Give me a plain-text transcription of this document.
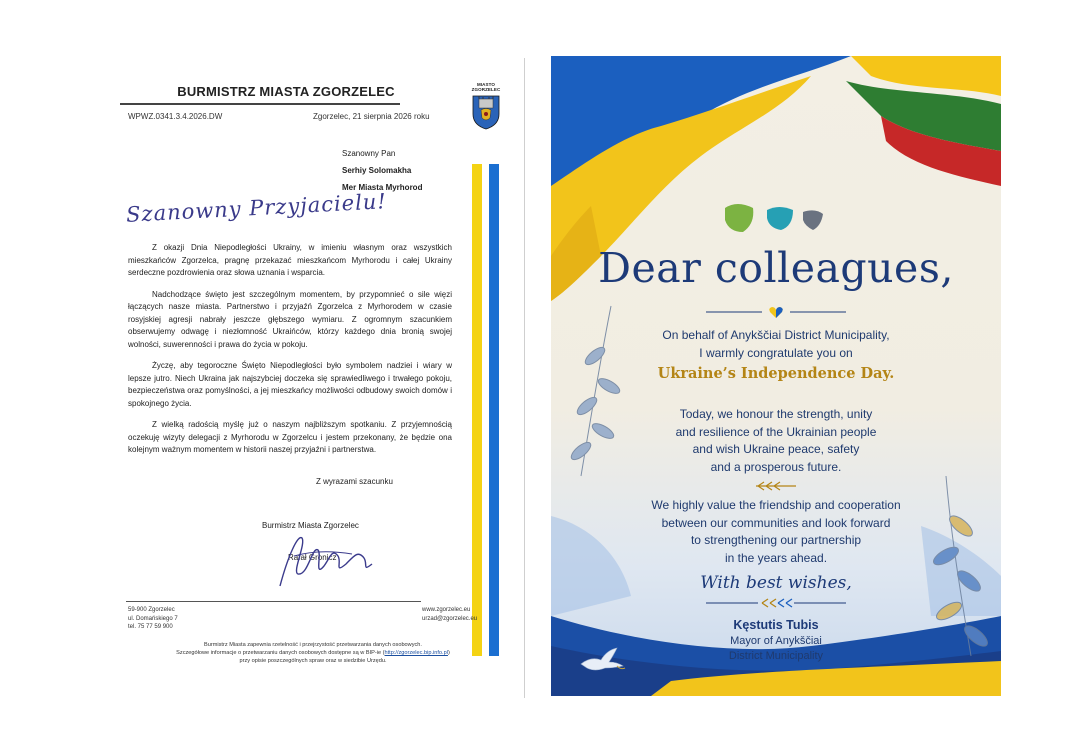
BURMISTRZ MIASTA ZGORZELEC
WPWZ.0341.3.4.2026.DW	Zgorzelec, 21 sierpnia 2026 roku
MIASTO ZGORZELEC
Szanowny Pan
Serhiy Solomakha
Mer Miasta Myrhorod
Szanowny Przyjacielu!

Z okazji Dnia Niepodległości Ukrainy, w imieniu własnym oraz wszystkich mieszkańców Zgorzelca, pragnę przekazać mieszkańcom Myrhorodu i całej Ukrainy serdeczne pozdrowienia oraz słowa uznania i wsparcia.

Nadchodzące święto jest szczególnym momentem, by przypomnieć o sile więzi łączących nasze miasta. Partnerstwo i przyjaźń Zgorzelca z Myrhorodem w czasie rosyjskiej agresji nabrały jeszcze głębszego wymiaru. Z ogromnym szacunkiem obserwujemy odwagę i niezłomność Ukraińców, którzy każdego dnia bronią swojej wolności, suwerenności i prawa do życia w pokoju.

Życzę, aby tegoroczne Święto Niepodległości było symbolem nadziei i wiary w lepsze jutro. Niech Ukraina jak najszybciej doczeka się sprawiedliwego i trwałego pokoju, bezpieczeństwa oraz pomyślności, a jej mieszkańcy możliwości odbudowy swoich domów i spokojnego życia.

Z wielką radością myślę już o naszym najbliższym spotkaniu. Z przyjemnością oczekuję wizyty delegacji z Myrhorodu w Zgorzelcu i jestem przekonany, że będzie ona kolejnym ważnym momentem w historii naszej przyjaźni i partnerstwa.

Z wyrazami szacunku
Burmistrz Miasta Zgorzelec
Rafał Gronicz
59-900 Zgorzelec
ul. Domańskiego 7
tel. 75 77 59 900
www.zgorzelec.eu
urzad@zgorzelec.eu
Burmistrz Miasta zapewnia rzetelność i przejrzystość przetwarzania danych osobowych.
Szczegółowe informacje o przetwarzaniu danych osobowych dostępne są w BIP-ie (http://zgorzelec.bip.info.pl)
przy opisie poszczególnych spraw oraz w siedzibie Urzędu.
Dear colleagues,
On behalf of Anykščiai District Municipality,
I warmly congratulate you on
Ukraine’s Independence Day.
Today, we honour the strength, unity
and resilience of the Ukrainian people
and wish Ukraine peace, safety
and a prosperous future.
We highly value the friendship and cooperation
between our communities and look forward
to strengthening our partnership
in the years ahead.
With best wishes,
Kęstutis Tubis
Mayor of Anykščiai
District Municipality
